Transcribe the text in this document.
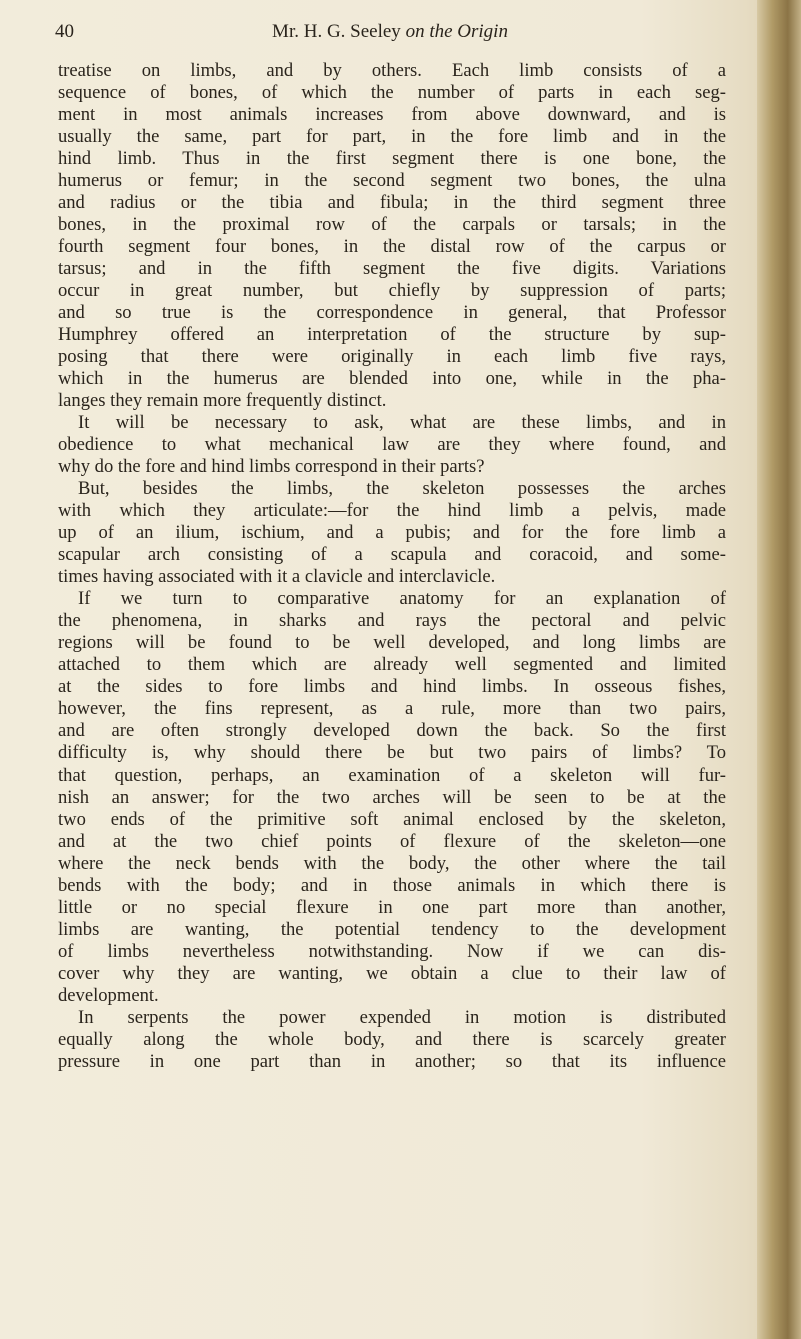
40	Mr. H. G. Seeley on the Origin
treatise on limbs, and by others. Each limb consists of a
sequence of bones, of which the number of parts in each seg-
ment in most animals increases from above downward, and is
usually the same, part for part, in the fore limb and in the
hind limb. Thus in the first segment there is one bone, the
humerus or femur; in the second segment two bones, the ulna
and radius or the tibia and fibula; in the third segment three
bones, in the proximal row of the carpals or tarsals; in the
fourth segment four bones, in the distal row of the carpus or
tarsus; and in the fifth segment the five digits. Variations
occur in great number, but chiefly by suppression of parts;
and so true is the correspondence in general, that Professor
Humphrey offered an interpretation of the structure by sup-
posing that there were originally in each limb five rays,
which in the humerus are blended into one, while in the pha-
langes they remain more frequently distinct.
It will be necessary to ask, what are these limbs, and in
obedience to what mechanical law are they where found, and
why do the fore and hind limbs correspond in their parts?
But, besides the limbs, the skeleton possesses the arches
with which they articulate:—for the hind limb a pelvis, made
up of an ilium, ischium, and a pubis; and for the fore limb a
scapular arch consisting of a scapula and coracoid, and some-
times having associated with it a clavicle and interclavicle.
If we turn to comparative anatomy for an explanation of
the phenomena, in sharks and rays the pectoral and pelvic
regions will be found to be well developed, and long limbs are
attached to them which are already well segmented and limited
at the sides to fore limbs and hind limbs. In osseous fishes,
however, the fins represent, as a rule, more than two pairs,
and are often strongly developed down the back. So the first
difficulty is, why should there be but two pairs of limbs? To
that question, perhaps, an examination of a skeleton will fur-
nish an answer; for the two arches will be seen to be at the
two ends of the primitive soft animal enclosed by the skeleton,
and at the two chief points of flexure of the skeleton—one
where the neck bends with the body, the other where the tail
bends with the body; and in those animals in which there is
little or no special flexure in one part more than another,
limbs are wanting, the potential tendency to the development
of limbs nevertheless notwithstanding. Now if we can dis-
cover why they are wanting, we obtain a clue to their law of
development.
In serpents the power expended in motion is distributed
equally along the whole body, and there is scarcely greater
pressure in one part than in another; so that its influence
